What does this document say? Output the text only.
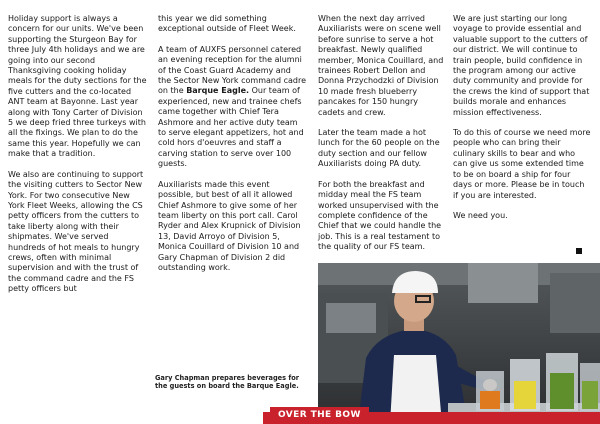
Holiday support is always a concern for our units. We've been supporting the Sturgeon Bay for three July 4th holidays and we are going into our second Thanksgiving cooking holiday meals for the duty sections for the five cutters and the co-located ANT team at Bayonne. Last year along with Tony Carter of Division 5 we deep fried three turkeys with all the fixings. We plan to do the same this year. Hopefully we can make that a tradition.

We also are continuing to support the visiting cutters to Sector New York. For two consecutive New York Fleet Weeks, allowing the CS petty officers from the cutters to take liberty along with their shipmates. We've served hundreds of hot meals to hungry crews, often with minimal supervision and with the trust of the command cadre and the FS petty officers but

this year we did something exceptional outside of Fleet Week.

A team of AUXFS personnel catered an evening reception for the alumni of the Coast Guard Academy and the Sector New York command cadre on the Barque Eagle. Our team of experienced, new and trainee chefs came together with Chief Tera Ashmore and her active duty team to serve elegant appetizers, hot and cold hors d'oeuvres and staff a carving station to serve over 100 guests.

Auxiliarists made this event possible, but best of all it allowed Chief Ashmore to give some of her team liberty on this port call. Carol Ryder and Alex Krupnick of Division 13, David Arroyo of Division 5, Monica Couillard of Division 10 and Gary Chapman of Division 2 did outstanding work.

When the next day arrived Auxiliarists were on scene well before sunrise to serve a hot breakfast. Newly qualified member, Monica Couillard, and trainees Robert Dellon and Donna Przychodzki of Division 10 made fresh blueberry pancakes for 150 hungry cadets and crew.

Later the team made a hot lunch for the 60 people on the duty section and our fellow Auxiliarists doing PA duty.

For both the breakfast and midday meal the FS team worked unsupervised with the complete confidence of the Chief that we could handle the job. This is a real testament to the quality of our FS team.

We are just starting our long voyage to provide essential and valuable support to the cutters of our district. We will continue to train people, build confidence in the program among our active duty community and provide for the crews the kind of support that builds morale and enhances mission effectiveness.

To do this of course we need more people who can bring their culinary skills to bear and who can give us some extended time to be on board a ship for four days or more. Please be in touch if you are interested.

We need you.

Gary Chapman prepares beverages for the guests on board the Barque Eagle.
OVER THE BOW
